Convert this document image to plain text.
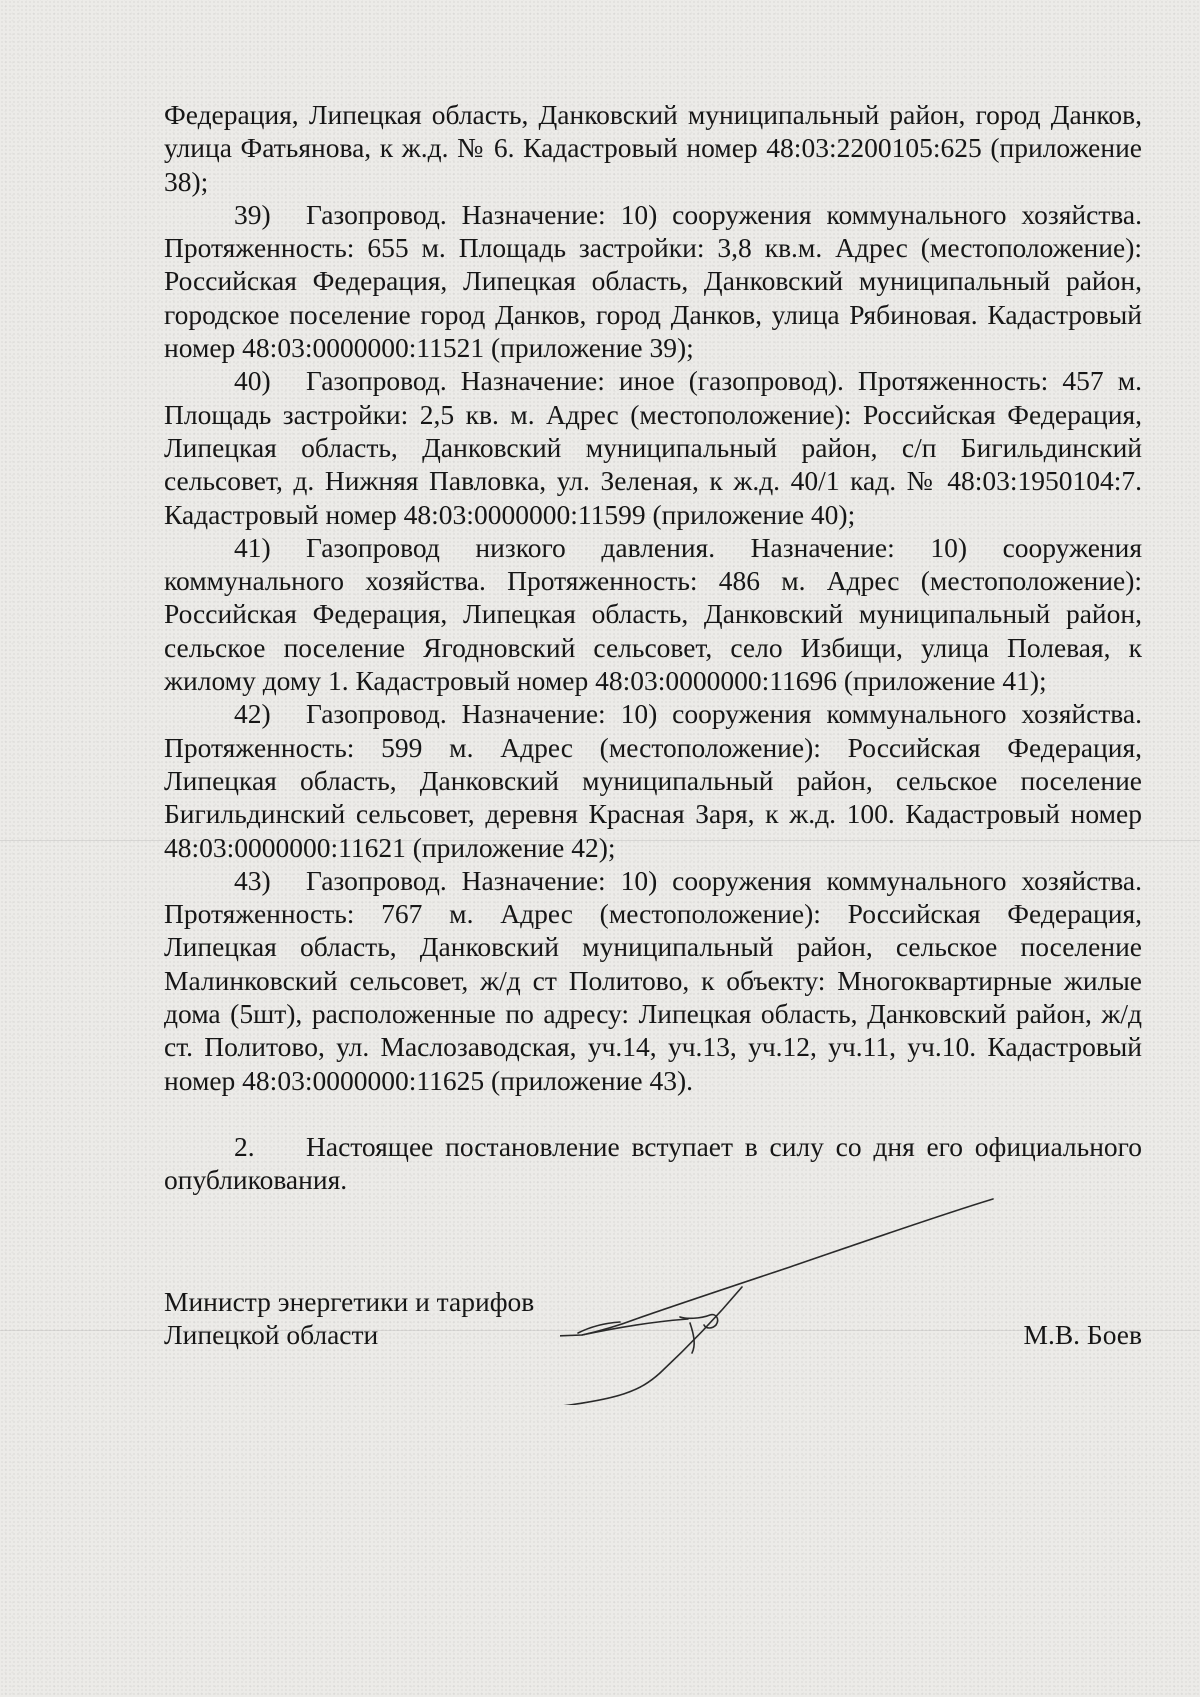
Федерация, Липецкая область, Данковский муниципальный район, город Данков, улица Фатьянова, к ж.д. № 6. Кадастровый номер 48:03:2200105:625 (приложение 38);

39) Газопровод. Назначение: 10) сооружения коммунального хозяйства. Протяженность: 655 м. Площадь застройки: 3,8 кв.м. Адрес (местоположение): Российская Федерация, Липецкая область, Данковский муниципальный район, городское поселение город Данков, город Данков, улица Рябиновая. Кадастровый номер 48:03:0000000:11521 (приложение 39);

40) Газопровод. Назначение: иное (газопровод). Протяженность: 457 м. Площадь застройки: 2,5 кв. м. Адрес (местоположение): Российская Федерация, Липецкая область, Данковский муниципальный район, с/п Бигильдинский сельсовет, д. Нижняя Павловка, ул. Зеленая, к ж.д. 40/1 кад. № 48:03:1950104:7. Кадастровый номер 48:03:0000000:11599 (приложение 40);

41) Газопровод низкого давления. Назначение: 10) сооружения коммунального хозяйства. Протяженность: 486 м. Адрес (местоположение): Российская Федерация, Липецкая область, Данковский муниципальный район, сельское поселение Ягодновский сельсовет, село Избищи, улица Полевая, к жилому дому 1. Кадастровый номер 48:03:0000000:11696 (приложение 41);

42) Газопровод. Назначение: 10) сооружения коммунального хозяйства. Протяженность: 599 м. Адрес (местоположение): Российская Федерация, Липецкая область, Данковский муниципальный район, сельское поселение Бигильдинский сельсовет, деревня Красная Заря, к ж.д. 100. Кадастровый номер 48:03:0000000:11621 (приложение 42);

43) Газопровод. Назначение: 10) сооружения коммунального хозяйства. Протяженность: 767 м. Адрес (местоположение): Российская Федерация, Липецкая область, Данковский муниципальный район, сельское поселение Малинковский сельсовет, ж/д ст Политово, к объекту: Многоквартирные жилые дома (5шт), расположенные по адресу: Липецкая область, Данковский район, ж/д ст. Политово, ул. Маслозаводская, уч.14, уч.13, уч.12, уч.11, уч.10. Кадастровый номер 48:03:0000000:11625 (приложение 43).

2. Настоящее постановление вступает в силу со дня его официального опубликования.

Министр энергетики и тарифов
Липецкой области	М.В. Боев
